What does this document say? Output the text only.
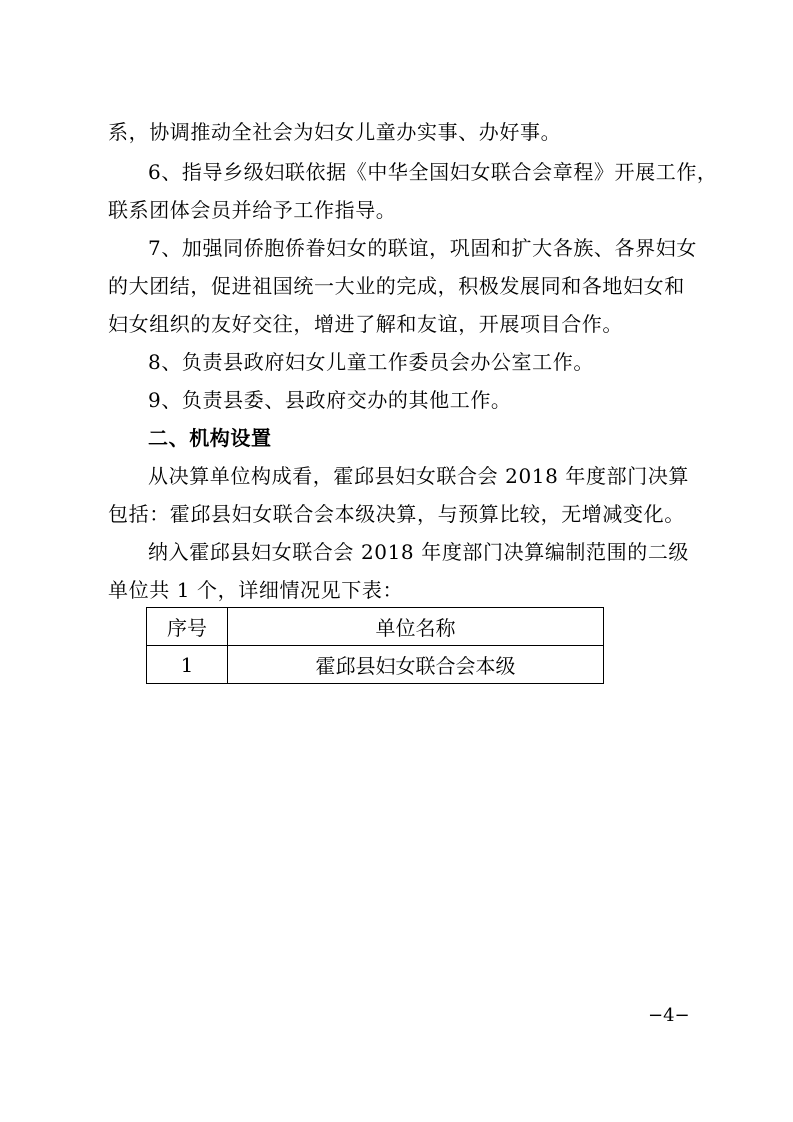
系，协调推动全社会为妇女儿童办实事、办好事。
6、指导乡级妇联依据《中华全国妇女联合会章程》开展工作，
联系团体会员并给予工作指导。
7、加强同侨胞侨眷妇女的联谊，巩固和扩大各族、各界妇女
的大团结，促进祖国统一大业的完成，积极发展同和各地妇女和
妇女组织的友好交往，增进了解和友谊，开展项目合作。
8、负责县政府妇女儿童工作委员会办公室工作。
9、负责县委、县政府交办的其他工作。
二、机构设置
从决算单位构成看，霍邱县妇女联合会 2018 年度部门决算
包括：霍邱县妇女联合会本级决算，与预算比较，无增减变化。
纳入霍邱县妇女联合会 2018 年度部门决算编制范围的二级
单位共 1 个，详细情况见下表：
序号	单位名称
1	霍邱县妇女联合会本级
−4−
